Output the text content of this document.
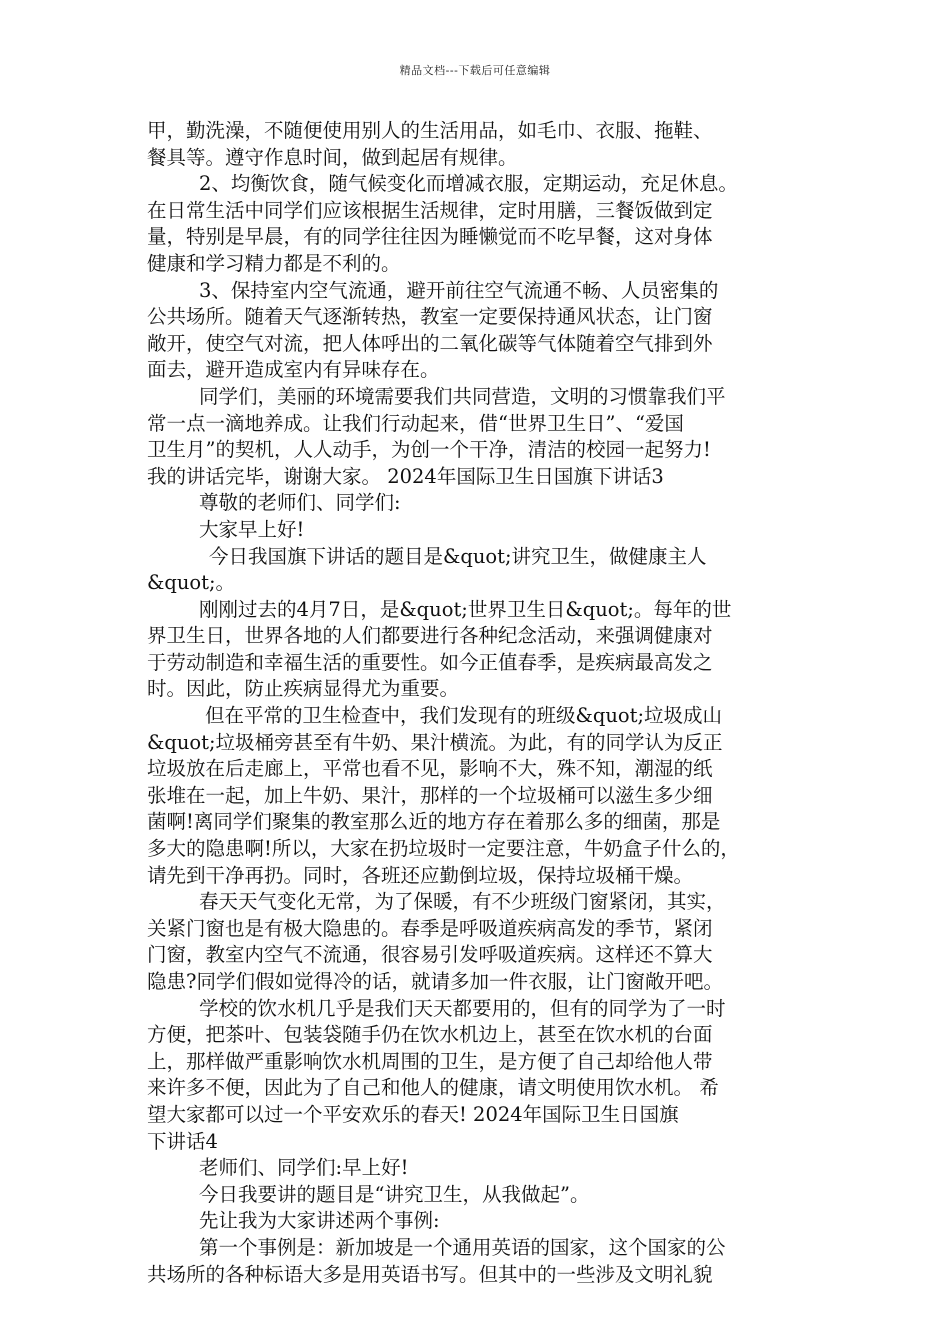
精品文档---下载后可任意编辑
甲，勤洗澡，不随便使用别人的生活用品，如毛巾、衣服、拖鞋、
餐具等。遵守作息时间，做到起居有规律。
2、均衡饮食，随气候变化而增减衣服，定期运动，充足休息。
在日常生活中同学们应该根据生活规律，定时用膳，三餐饭做到定
量，特别是早晨，有的同学往往因为睡懒觉而不吃早餐，这对身体
健康和学习精力都是不利的。
3、保持室内空气流通，避开前往空气流通不畅、人员密集的
公共场所。随着天气逐渐转热，教室一定要保持通风状态，让门窗
敞开，使空气对流，把人体呼出的二氧化碳等气体随着空气排到外
面去，避开造成室内有异味存在。
同学们，美丽的环境需要我们共同营造，文明的习惯靠我们平
常一点一滴地养成。让我们行动起来，借“世界卫生日”、“爱国
卫生月”的契机，人人动手，为创一个干净，清洁的校园一起努力!
我的讲话完毕，谢谢大家。 2024年国际卫生日国旗下讲话3
尊敬的老师们、同学们:
大家早上好!
今日我国旗下讲话的题目是&quot;讲究卫生，做健康主人
&quot;。
刚刚过去的4月7日，是&quot;世界卫生日&quot;。每年的世
界卫生日，世界各地的人们都要进行各种纪念活动，来强调健康对
于劳动制造和幸福生活的重要性。如今正值春季，是疾病最高发之
时。因此，防止疾病显得尤为重要。
但在平常的卫生检查中，我们发现有的班级&quot;垃圾成山
&quot;垃圾桶旁甚至有牛奶、果汁横流。为此，有的同学认为反正
垃圾放在后走廊上，平常也看不见，影响不大，殊不知，潮湿的纸
张堆在一起，加上牛奶、果汁，那样的一个垃圾桶可以滋生多少细
菌啊!离同学们聚集的教室那么近的地方存在着那么多的细菌，那是
多大的隐患啊!所以，大家在扔垃圾时一定要注意，牛奶盒子什么的，
请先到干净再扔。同时，各班还应勤倒垃圾，保持垃圾桶干燥。
春天天气变化无常，为了保暖，有不少班级门窗紧闭，其实，
关紧门窗也是有极大隐患的。春季是呼吸道疾病高发的季节，紧闭
门窗，教室内空气不流通，很容易引发呼吸道疾病。这样还不算大
隐患?同学们假如觉得冷的话，就请多加一件衣服，让门窗敞开吧。
学校的饮水机几乎是我们天天都要用的，但有的同学为了一时
方便，把茶叶、包装袋随手仍在饮水机边上，甚至在饮水机的台面
上，那样做严重影响饮水机周围的卫生，是方便了自己却给他人带
来许多不便，因此为了自己和他人的健康，请文明使用饮水机。 希
望大家都可以过一个平安欢乐的春天! 2024年国际卫生日国旗
下讲话4
老师们、同学们:早上好!
今日我要讲的题目是“讲究卫生，从我做起”。
先让我为大家讲述两个事例:
第一个事例是：新加坡是一个通用英语的国家，这个国家的公
共场所的各种标语大多是用英语书写。但其中的一些涉及文明礼貌
